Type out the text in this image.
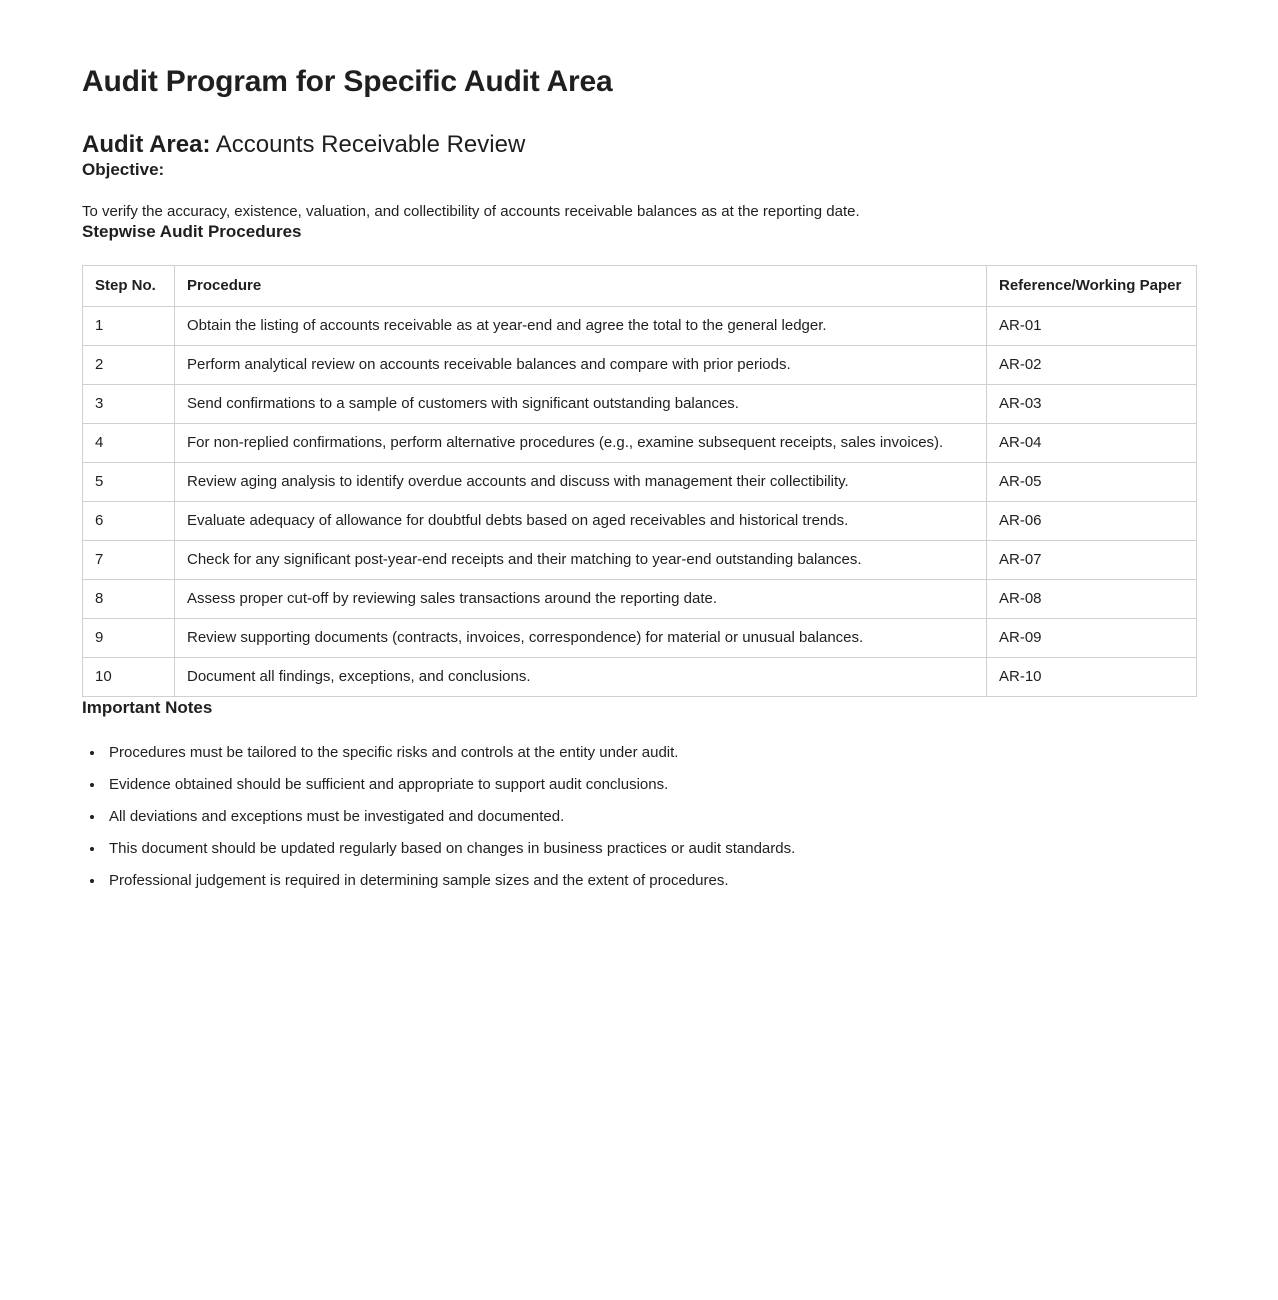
Audit Program for Specific Audit Area
Audit Area: Accounts Receivable Review
Objective:

To verify the accuracy, existence, valuation, and collectibility of accounts receivable balances as at the reporting date.

Stepwise Audit Procedures
Step No.	Procedure	Reference/Working Paper
1	Obtain the listing of accounts receivable as at year-end and agree the total to the general ledger.	AR-01
2	Perform analytical review on accounts receivable balances and compare with prior periods.	AR-02
3	Send confirmations to a sample of customers with significant outstanding balances.	AR-03
4	For non-replied confirmations, perform alternative procedures (e.g., examine subsequent receipts, sales invoices).	AR-04
5	Review aging analysis to identify overdue accounts and discuss with management their collectibility.	AR-05
6	Evaluate adequacy of allowance for doubtful debts based on aged receivables and historical trends.	AR-06
7	Check for any significant post-year-end receipts and their matching to year-end outstanding balances.	AR-07
8	Assess proper cut-off by reviewing sales transactions around the reporting date.	AR-08
9	Review supporting documents (contracts, invoices, correspondence) for material or unusual balances.	AR-09
10	Document all findings, exceptions, and conclusions.	AR-10
Important Notes
• Procedures must be tailored to the specific risks and controls at the entity under audit.
• Evidence obtained should be sufficient and appropriate to support audit conclusions.
• All deviations and exceptions must be investigated and documented.
• This document should be updated regularly based on changes in business practices or audit standards.
• Professional judgement is required in determining sample sizes and the extent of procedures.
